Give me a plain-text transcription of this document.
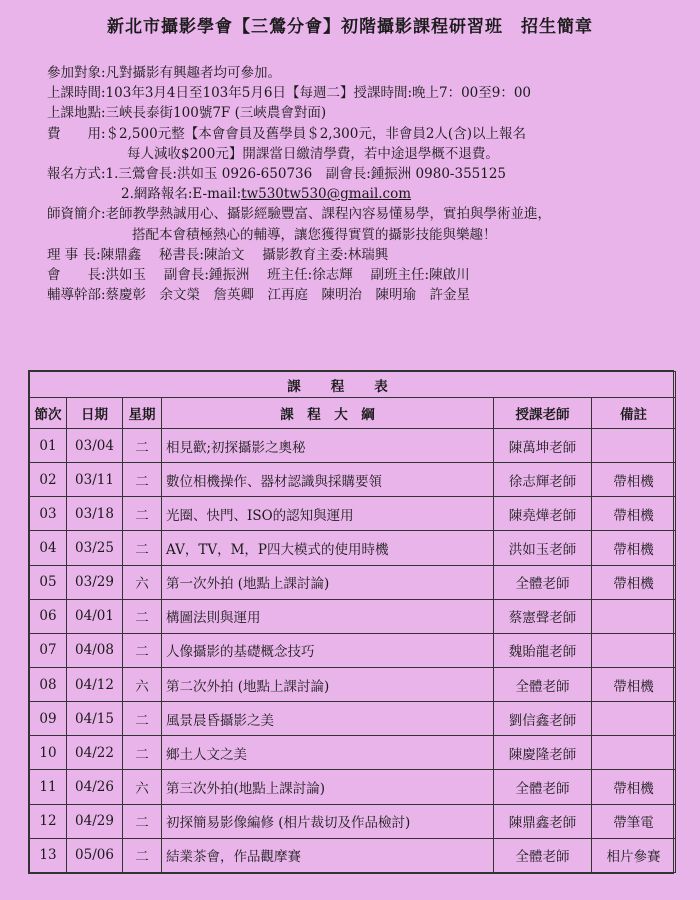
新北市攝影學會【三鶯分會】初階攝影課程研習班　招生簡章
參加對象:凡對攝影有興趣者均可參加。
上課時間:103年3月4日至103年5月6日【每週二】授課時間:晚上7：00至9：00
上課地點:三峽長泰街100號7F (三峽農會對面)
費　　用:＄2,500元整【本會會員及舊學員＄2,300元，非會員2人(含)以上報名
每人減收$200元】開課當日繳清學費，若中途退學概不退費。
報名方式:1.三鶯會長:洪如玉 0926-650736　副會長:鍾振洲 0980-355125
2.網路報名:E-mail:tw530tw530@gmail.com
師資簡介:老師教學熱誠用心、攝影經驗豐富、課程內容易懂易學，實拍與學術並進，
搭配本會積極熱心的輔導，讓您獲得實質的攝影技能與樂趣！
理 事 長:陳鼎鑫　 秘書長:陳詒文　 攝影教育主委:林瑞興
會　　長:洪如玉　 副會長:鍾振洲　 班主任:徐志輝　 副班主任:陳啟川
輔導幹部:蔡慶彰　余文榮　詹英卿　江再庭　陳明治　陳明瑜　許金星
課程表					
節次	日期	星期	課　程　大　綱	授課老師	備註
01	03/04	二	相見歡;初探攝影之奧秘	陳萬坤老師	
02	03/11	二	數位相機操作、器材認識與採購要領	徐志輝老師	帶相機
03	03/18	二	光圈、快門、ISO的認知與運用	陳堯燁老師	帶相機
04	03/25	二	AV，TV，M，P四大模式的使用時機	洪如玉老師	帶相機
05	03/29	六	第一次外拍 (地點上課討論)	全體老師	帶相機
06	04/01	二	構圖法則與運用	蔡憲聲老師	
07	04/08	二	人像攝影的基礎概念技巧	魏貽龍老師	
08	04/12	六	第二次外拍 (地點上課討論)	全體老師	帶相機
09	04/15	二	風景晨昏攝影之美	劉信鑫老師	
10	04/22	二	鄉土人文之美	陳慶隆老師	
11	04/26	六	第三次外拍(地點上課討論)	全體老師	帶相機
12	04/29	二	初探簡易影像編修 (相片裁切及作品檢討)	陳鼎鑫老師	帶筆電
13	05/06	二	結業茶會，作品觀摩賽	全體老師	相片參賽
